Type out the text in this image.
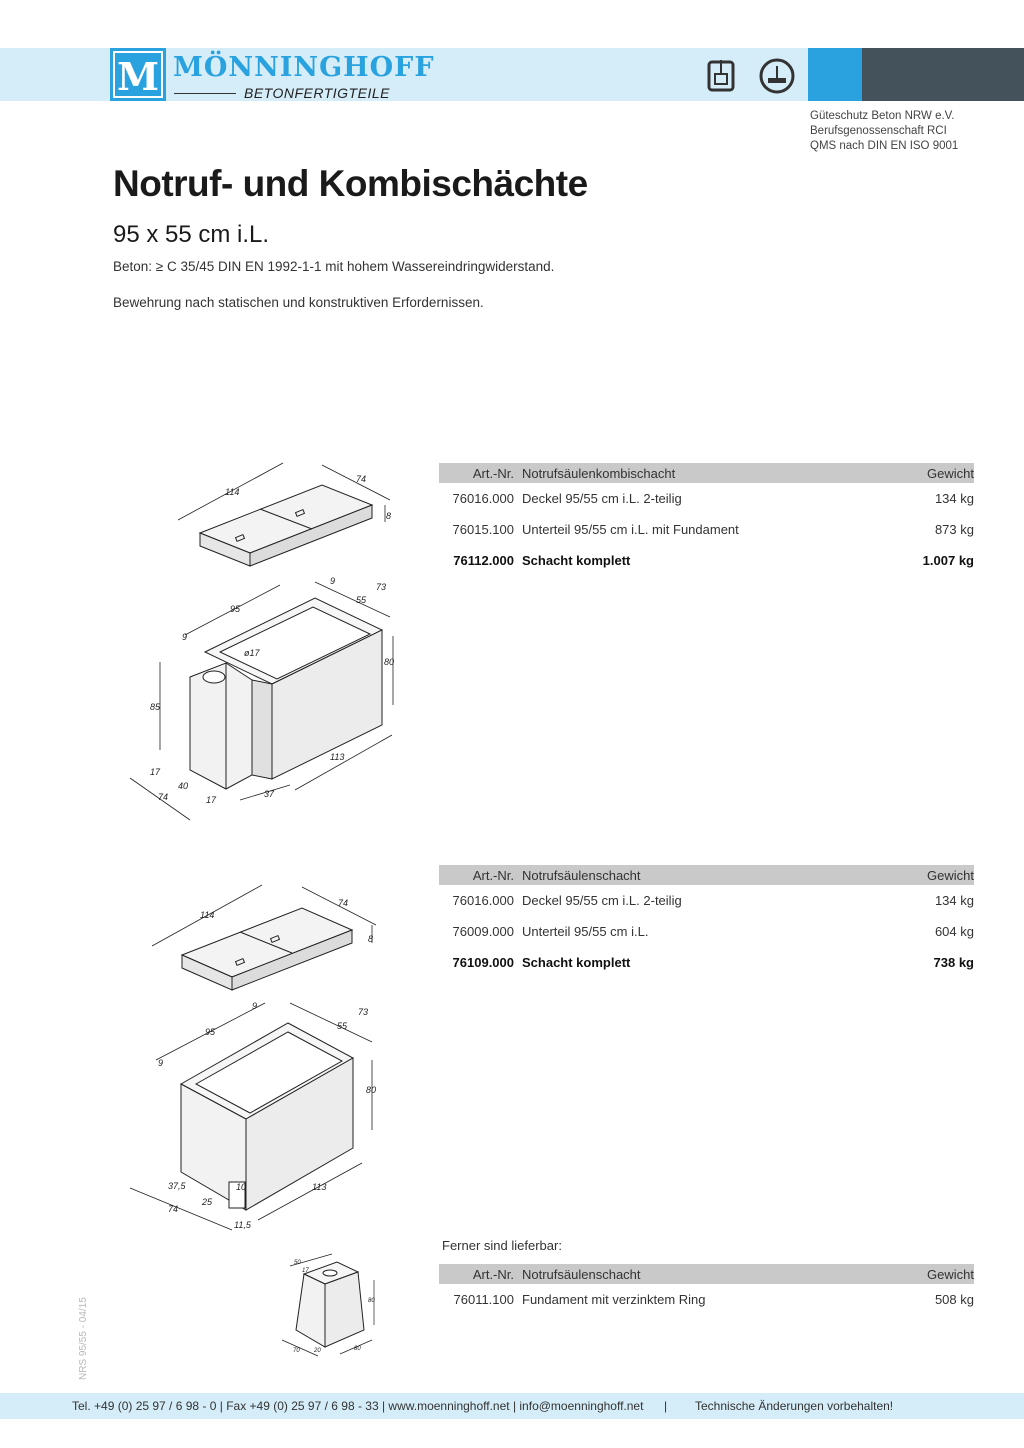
M MÖNNINGHOFF
BETONFERTIGTEILE
Güteschutz Beton NRW e.V.
Berufsgenossenschaft RCI
QMS nach DIN EN ISO 9001
Notruf- und Kombischächte
95 x 55 cm i.L.
Beton: ≥ C 35/45 DIN EN 1992-1-1 mit hohem Wassereindringwiderstand.
Bewehrung nach statischen und konstruktiven Erfordernissen.
Art.-Nr. Notrufsäulenkombischacht	Gewicht
76016.000 Deckel 95/55 cm i.L. 2-teilig	134 kg
76015.100 Unterteil 95/55 cm i.L. mit Fundament	873 kg
76112.000 Schacht komplett	1.007 kg
Art.-Nr. Notrufsäulenschacht	Gewicht
76016.000 Deckel 95/55 cm i.L. 2-teilig	134 kg
76009.000 Unterteil 95/55 cm i.L.	604 kg
76109.000 Schacht komplett	738 kg
Ferner sind lieferbar:
Art.-Nr. Notrufsäulenschacht	Gewicht
76011.100 Fundament mit verzinktem Ring	508 kg
114
74
8
95
9
9
55
73
80
113
85
ø17
17
40
17
74	37
114
74
8
95
9
9
55
73
80
113
10
37,5
25
74
11,5
50
17
80
70 20	80
NRS 95/55 - 04/15
Tel. +49 (0) 25 97 / 6 98 - 0 | Fax +49 (0) 25 97 / 6 98 - 33 | www.moenninghoff.net | info@moenninghoff.net | Technische Änderungen vorbehalten!
